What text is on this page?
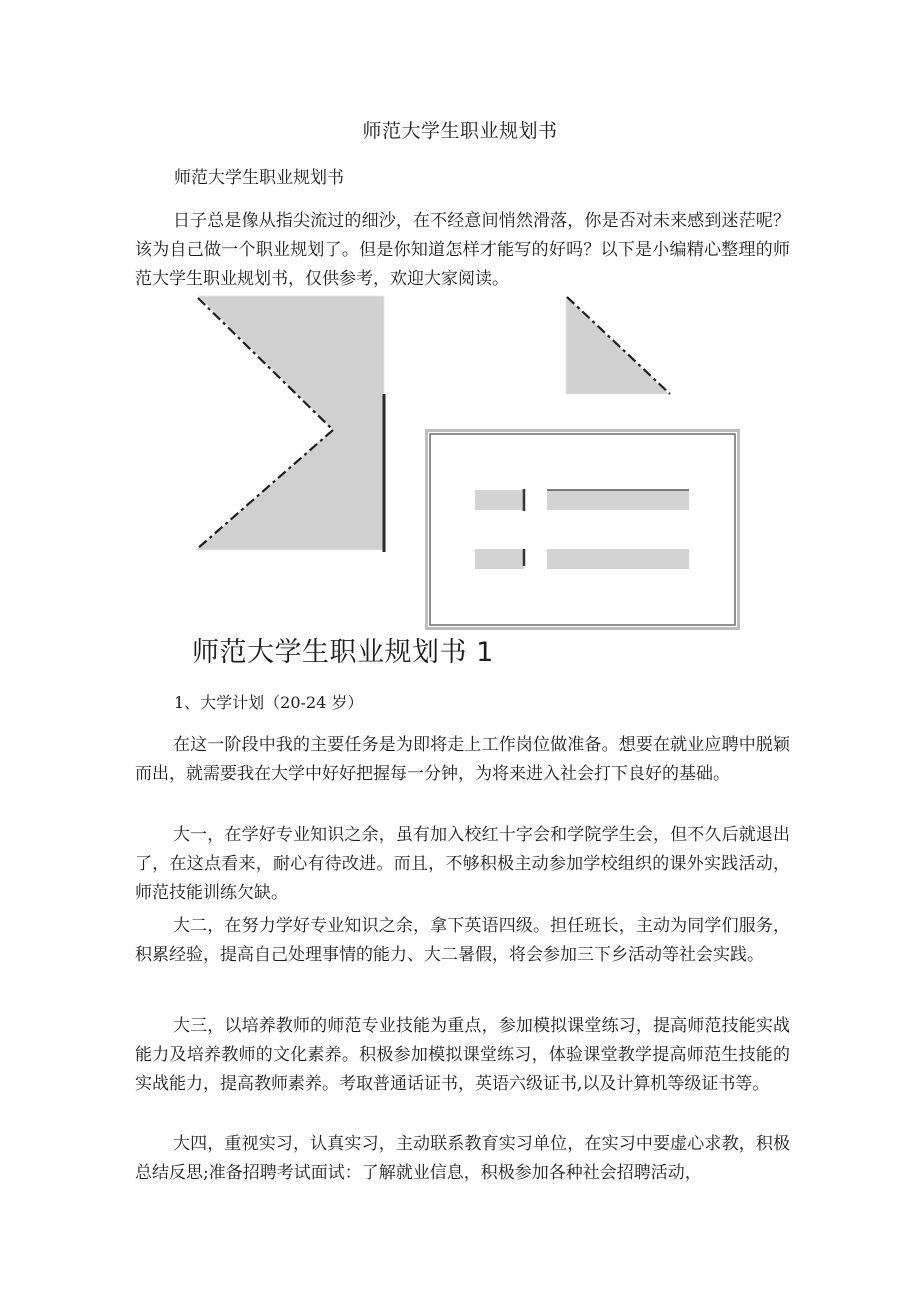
师范大学生职业规划书
师范大学生职业规划书
日子总是像从指尖流过的细沙，在不经意间悄然滑落，你是否对未来感到迷茫呢？该为自己做一个职业规划了。但是你知道怎样才能写的好吗？以下是小编精心整理的师范大学生职业规划书，仅供参考，欢迎大家阅读。
师范大学生职业规划书 1
1、大学计划（20-24 岁）
在这一阶段中我的主要任务是为即将走上工作岗位做准备。想要在就业应聘中脱颖而出，就需要我在大学中好好把握每一分钟，为将来进入社会打下良好的基础。
大一，在学好专业知识之余，虽有加入校红十字会和学院学生会，但不久后就退出了，在这点看来，耐心有待改进。而且，不够积极主动参加学校组织的课外实践活动，师范技能训练欠缺。
大二，在努力学好专业知识之余，拿下英语四级。担任班长，主动为同学们服务，积累经验，提高自己处理事情的能力、大二暑假，将会参加三下乡活动等社会实践。
大三，以培养教师的师范专业技能为重点，参加模拟课堂练习，提高师范技能实战能力及培养教师的文化素养。积极参加模拟课堂练习，体验课堂教学提高师范生技能的实战能力，提高教师素养。考取普通话证书，英语六级证书,以及计算机等级证书等。
大四，重视实习，认真实习，主动联系教育实习单位，在实习中要虚心求教，积极总结反思;准备招聘考试面试：了解就业信息，积极参加各种社会招聘活动，
